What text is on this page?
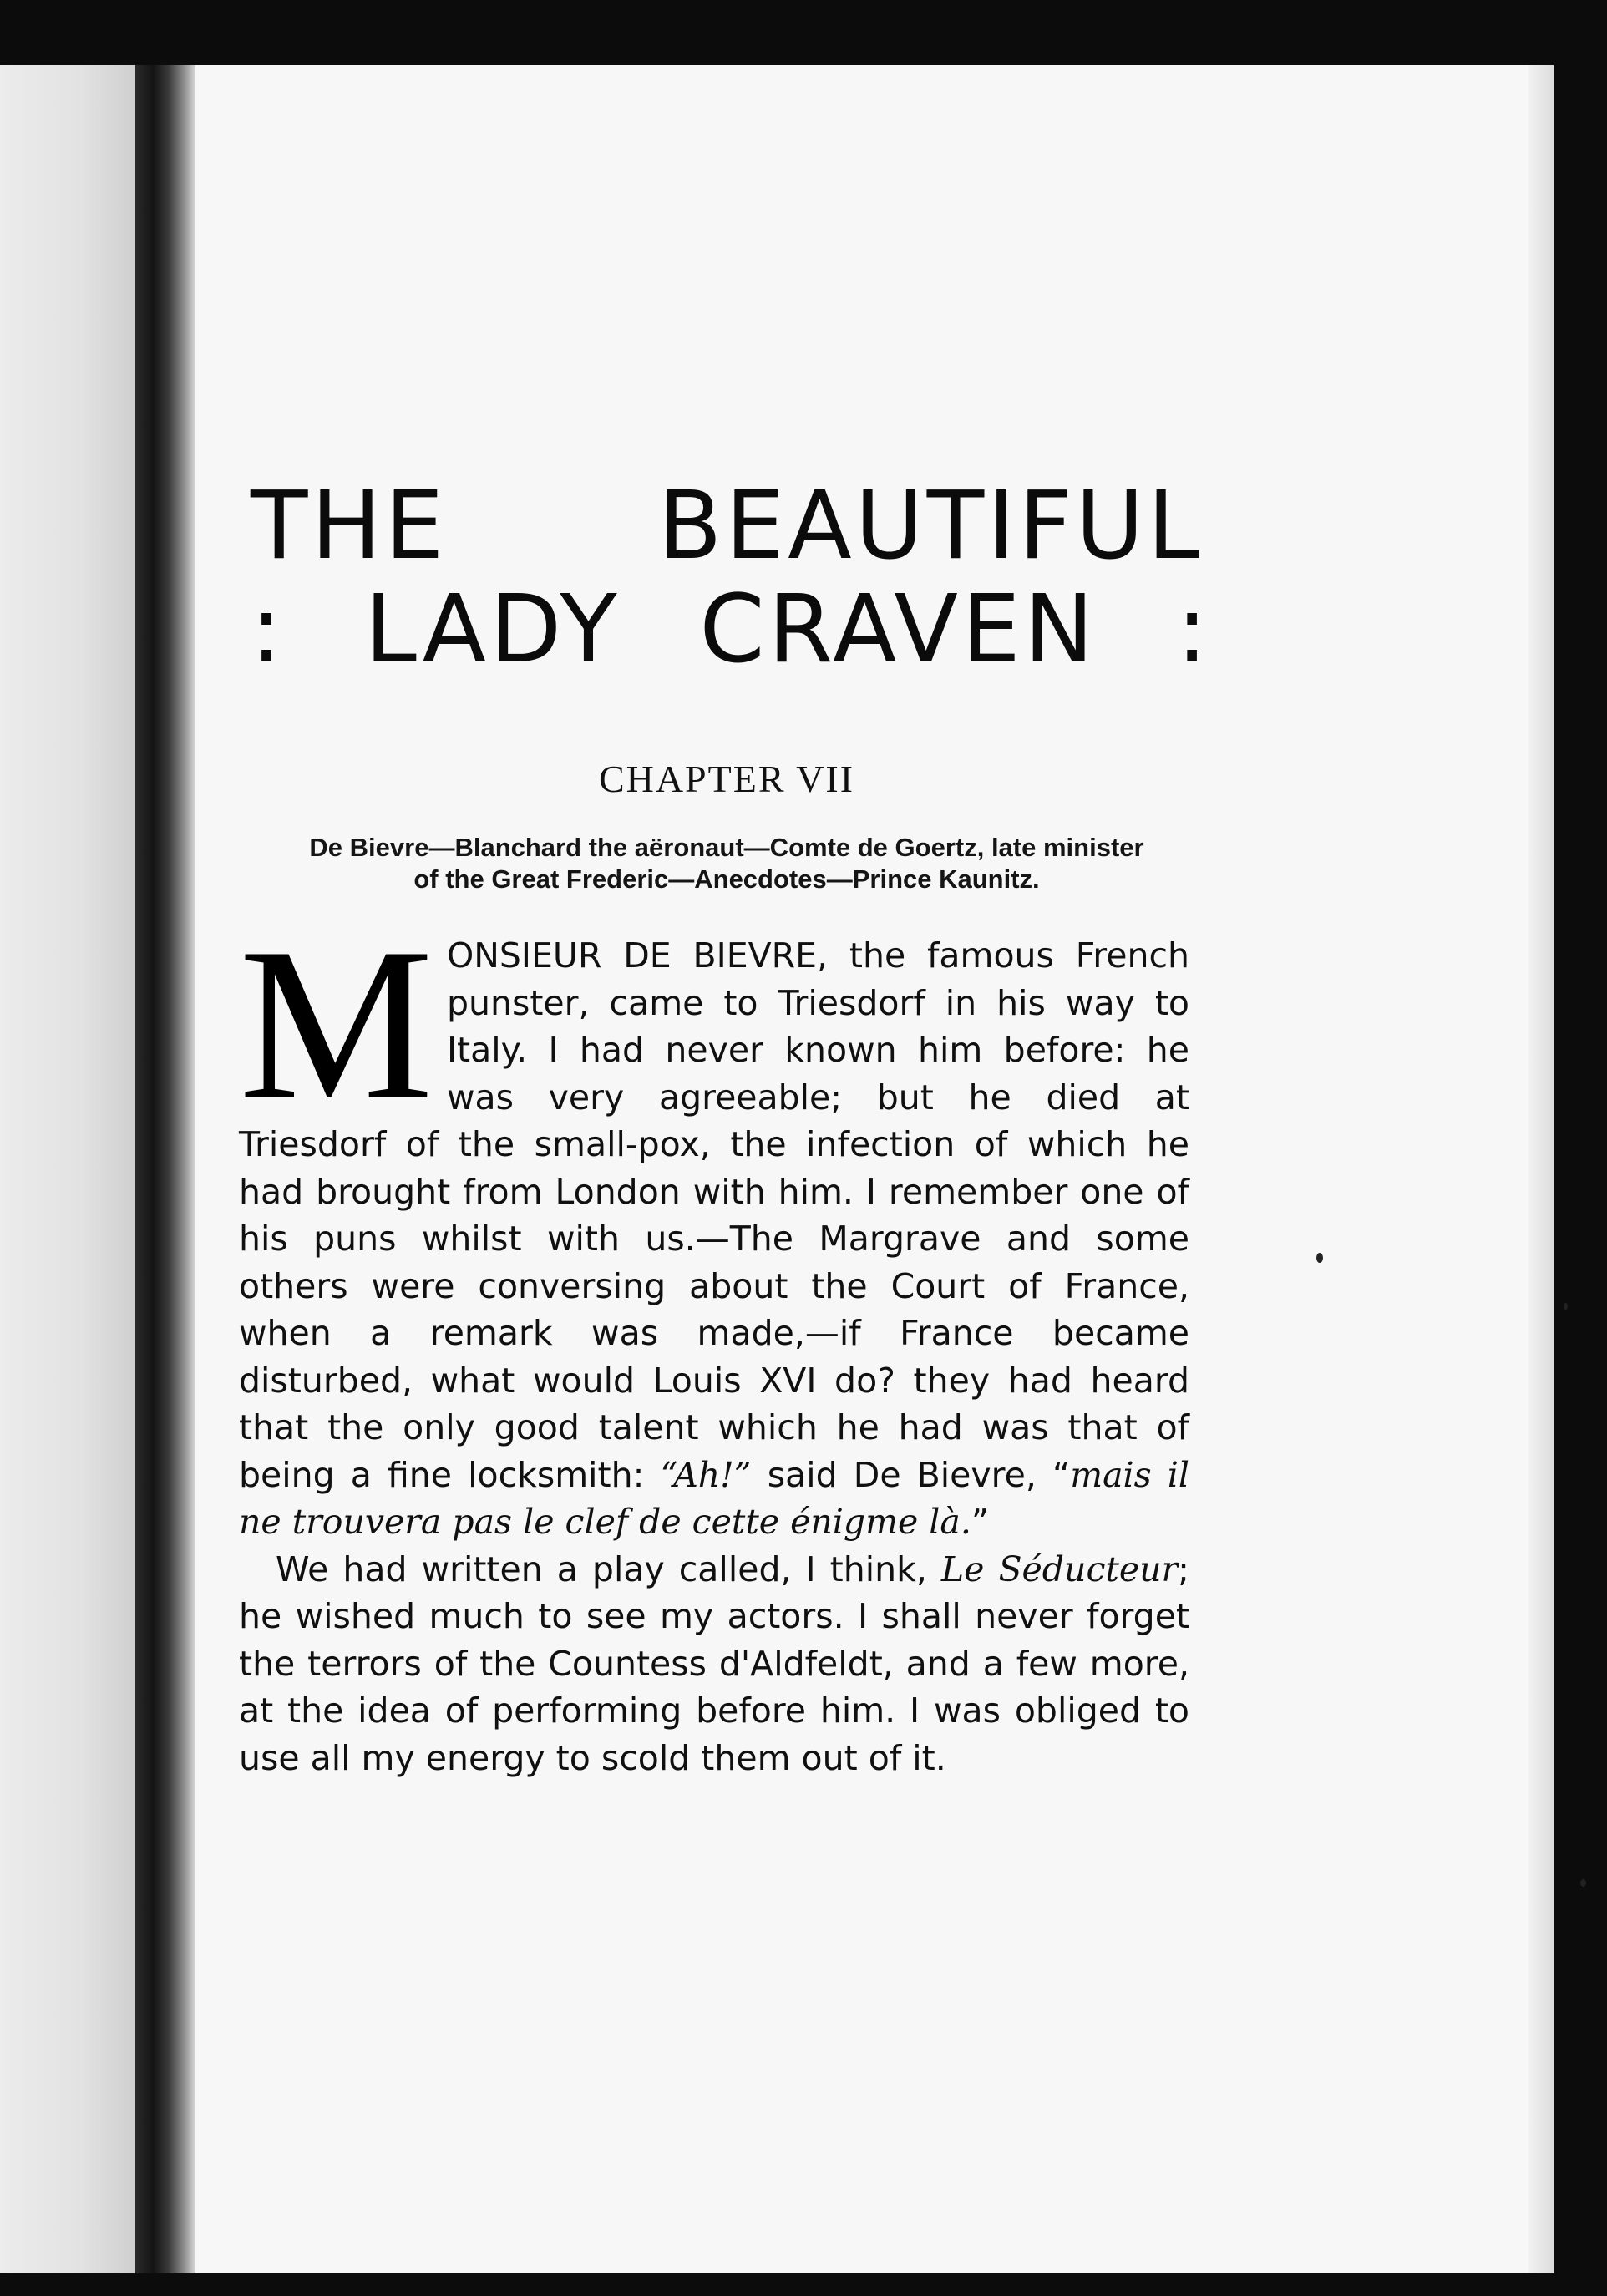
THE BEAUTIFUL
: LADY CRAVEN :
CHAPTER VII
De Bievre—Blanchard the aëronaut—Comte de Goertz, late minister
of the Great Frederic—Anecdotes—Prince Kaunitz.

MONSIEUR DE BIEVRE, the famous French punster, came to Triesdorf in his way to Italy. I had never known him before: he was very agreeable; but he died at Triesdorf of the small-pox, the infection of which he had brought from London with him. I remember one of his puns whilst with us.—The Margrave and some others were conversing about the Court of France, when a remark was made,—if France became disturbed, what would Louis XVI do? they had heard that the only good talent which he had was that of being a fine locksmith: “Ah!” said De Bievre, “mais il ne trouvera pas le clef de cette énigme là.”

We had written a play called, I think, Le Séducteur; he wished much to see my actors. I shall never forget the terrors of the Countess d'Aldfeldt, and a few more, at the idea of performing before him. I was obliged to use all my energy to scold them out of it.
